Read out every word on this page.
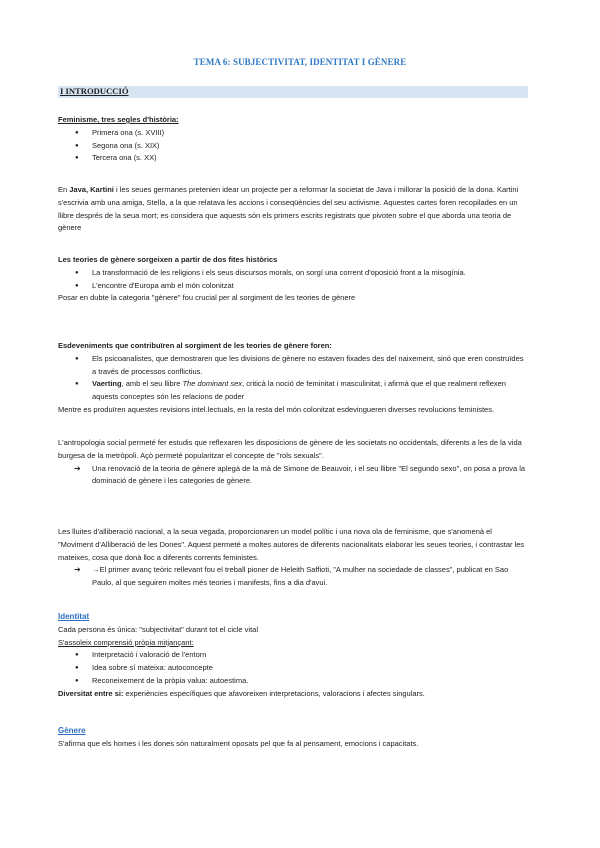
TEMA 6: SUBJECTIVITAT, IDENTITAT I GÈNERE
I INTRODUCCIÓ

Feminisme, tres segles d'història:

● Primera ona (s. XVIII)
● Segona ona (s. XIX)
● Tercera ona (s. XX)

En Java, Kartini i les seues germanes pretenien idear un projecte per a reformar la societat de Java i millorar la posició de la dona. Kartini s'escrivia amb una amiga, Stella, a la que relatava les accions i conseqüències del seu activisme. Aquestes cartes foren recopilades en un llibre després de la seua mort; es considera que aquests són els primers escrits registrats que pivoten sobre el que aborda una teoria de gènere

Les teories de gènere sorgeixen a partir de dos fites històrics

● La transformació de les religions i els seus discursos morals, on sorgí una corrent d'oposició front a la misogínia.
● L'encontre d'Europa amb el món colonitzat

Posar en dubte la categoria "gènere" fou crucial per al sorgiment de les teories de gènere

Esdeveniments que contribuïren al sorgiment de les teories de gènere foren:

● Els psicoanalistes, que demostraren que les divisions de gènere no estaven fixades des del naixement, sinó que eren construïdes a través de processos conflictius.
● Vaerting, amb el seu llibre The dominant sex, criticà la noció de feminitat i masculinitat, i afirmà que el que realment reflexen aquests conceptes són les relacions de poder

Mentre es produïren aquestes revisions intel.lectuals, en la resta del món colonitzat esdevingueren diverses revolucions feministes.

L'antropologia social permeté fer estudis que reflexaren les disposicions de gènere de les societats no occidentals, diferents a les de la vida burgesa de la metròpoli. Açò permeté popularitzar el concepte de "rols sexuals".

➔ Una renovació de la teoria de gènere aplegà de la mà de Simone de Beauvoir, i el seu llibre "El segundo sexo", on posa a prova la dominació de gènere i les categories de gènere.

Les lluites d'alliberació nacional, a la seua vegada, proporcionaren un model polític i una nova ola de feminisme, que s'anomenà el "Moviment d'Alliberació de les Dones". Aquest permeté a moltes autores de diferents nacionalitats elaborar les seues teories, i contrastar les mateixes, cosa que donà lloc a diferents corrents feministes.

➔ →El primer avanç teòric rellevant fou el treball pioner de Heleith Saffioti, "A mulher na sociedade de classes", publicat en Sao Paulo, al que seguiren moltes més teories i manifests, fins a dia d'avui.

Identitat

Cada persona és única: "subjectivitat" durant tot el cicle vital

S'assoleix comprensió pròpia mitjançant:

● Interpretació i valoració de l'entorn
● Idea sobre sí mateixa: autoconcepte
● Reconeixement de la pròpia valua: autoestima.

Diversitat entre si: experiències específiques que afavoreixen interpretacions, valoracions i afectes singulars.

Gènere

S'afirma que els homes i les dones són naturalment oposats pel que fa al pensament, emocions i capacitats.
